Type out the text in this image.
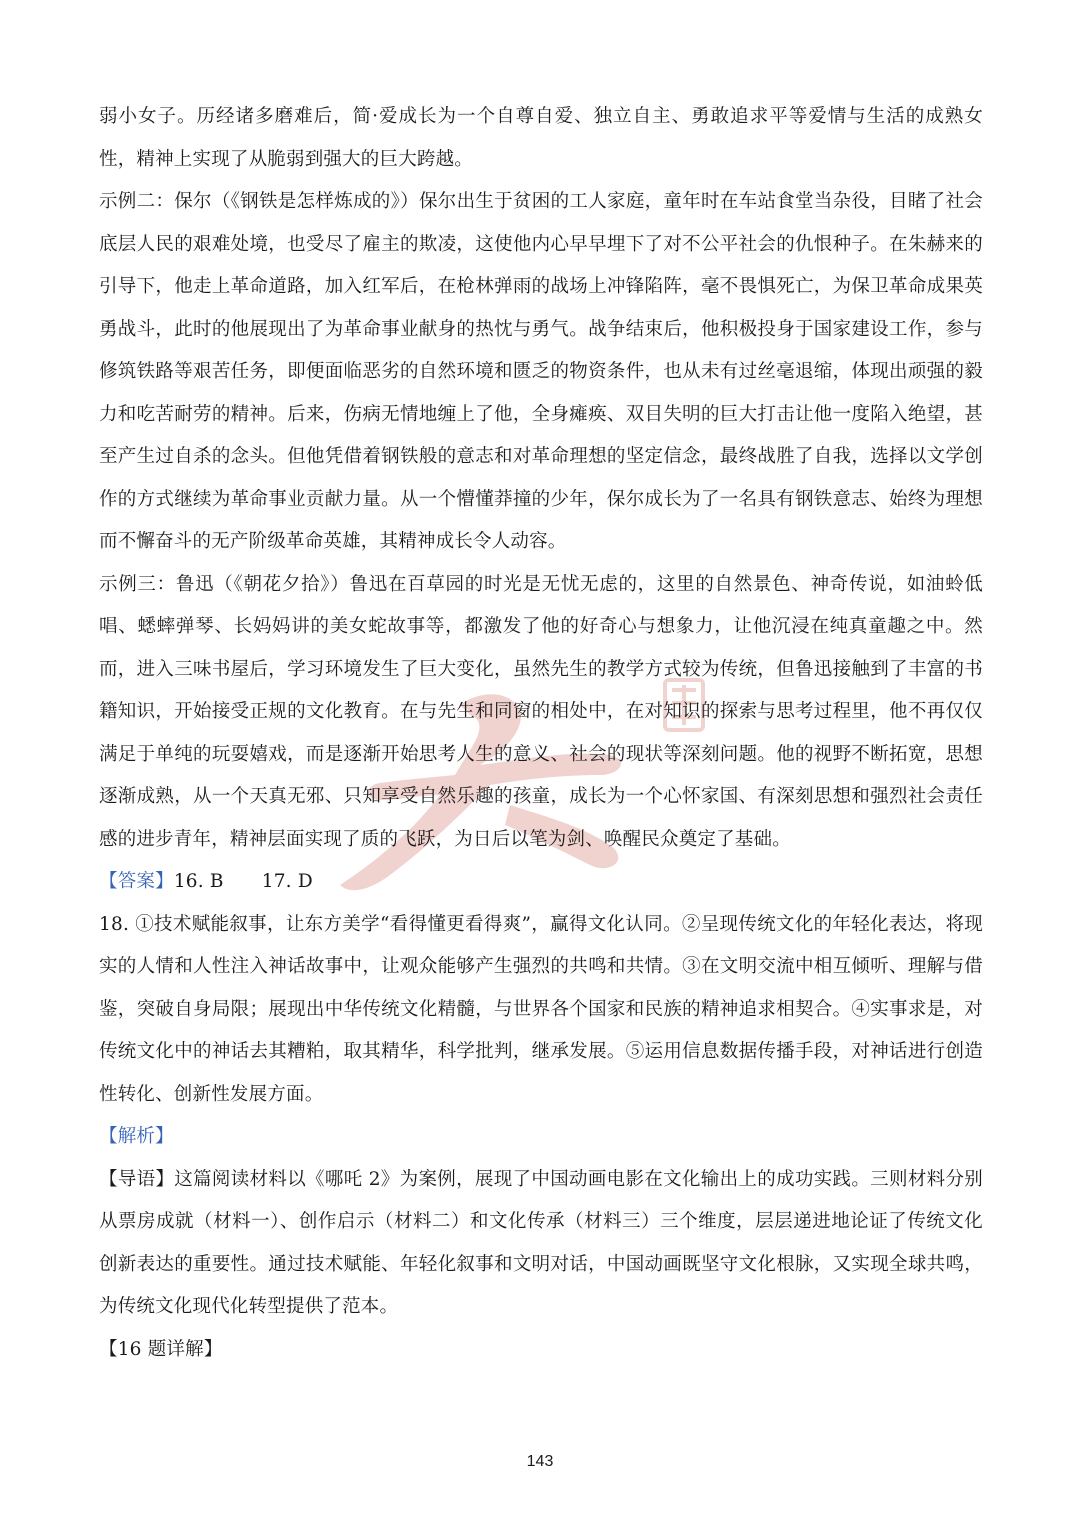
弱小女子。历经诸多磨难后，简·爱成长为一个自尊自爱、独立自主、勇敢追求平等爱情与生活的成熟女性，精神上实现了从脆弱到强大的巨大跨越。

示例二：保尔（《钢铁是怎样炼成的》）保尔出生于贫困的工人家庭，童年时在车站食堂当杂役，目睹了社会底层人民的艰难处境，也受尽了雇主的欺凌，这使他内心早早埋下了对不公平社会的仇恨种子。在朱赫来的引导下，他走上革命道路，加入红军后，在枪林弹雨的战场上冲锋陷阵，毫不畏惧死亡，为保卫革命成果英勇战斗，此时的他展现出了为革命事业献身的热忱与勇气。战争结束后，他积极投身于国家建设工作，参与修筑铁路等艰苦任务，即便面临恶劣的自然环境和匮乏的物资条件，也从未有过丝毫退缩，体现出顽强的毅力和吃苦耐劳的精神。后来，伤病无情地缠上了他，全身瘫痪、双目失明的巨大打击让他一度陷入绝望，甚至产生过自杀的念头。但他凭借着钢铁般的意志和对革命理想的坚定信念，最终战胜了自我，选择以文学创作的方式继续为革命事业贡献力量。从一个懵懂莽撞的少年，保尔成长为了一名具有钢铁意志、始终为理想而不懈奋斗的无产阶级革命英雄，其精神成长令人动容。

示例三：鲁迅（《朝花夕拾》）鲁迅在百草园的时光是无忧无虑的，这里的自然景色、神奇传说，如油蛉低唱、蟋蟀弹琴、长妈妈讲的美女蛇故事等，都激发了他的好奇心与想象力，让他沉浸在纯真童趣之中。然而，进入三味书屋后，学习环境发生了巨大变化，虽然先生的教学方式较为传统，但鲁迅接触到了丰富的书籍知识，开始接受正规的文化教育。在与先生和同窗的相处中，在对知识的探索与思考过程里，他不再仅仅满足于单纯的玩耍嬉戏，而是逐渐开始思考人生的意义、社会的现状等深刻问题。他的视野不断拓宽，思想逐渐成熟，从一个天真无邪、只知享受自然乐趣的孩童，成长为一个心怀家国、有深刻思想和强烈社会责任感的进步青年，精神层面实现了质的飞跃，为日后以笔为剑、唤醒民众奠定了基础。

【答案】16. B 17. D

18. ①技术赋能叙事，让东方美学“看得懂更看得爽”，赢得文化认同。②呈现传统文化的年轻化表达，将现实的人情和人性注入神话故事中，让观众能够产生强烈的共鸣和共情。③在文明交流中相互倾听、理解与借鉴，突破自身局限；展现出中华传统文化精髓，与世界各个国家和民族的精神追求相契合。④实事求是，对传统文化中的神话去其糟粕，取其精华，科学批判，继承发展。⑤运用信息数据传播手段，对神话进行创造性转化、创新性发展方面。

【解析】

【导语】这篇阅读材料以《哪吒 2》为案例，展现了中国动画电影在文化输出上的成功实践。三则材料分别从票房成就（材料一）、创作启示（材料二）和文化传承（材料三）三个维度，层层递进地论证了传统文化创新表达的重要性。通过技术赋能、年轻化叙事和文明对话，中国动画既坚守文化根脉，又实现全球共鸣，为传统文化现代化转型提供了范本。

【16 题详解】

143
